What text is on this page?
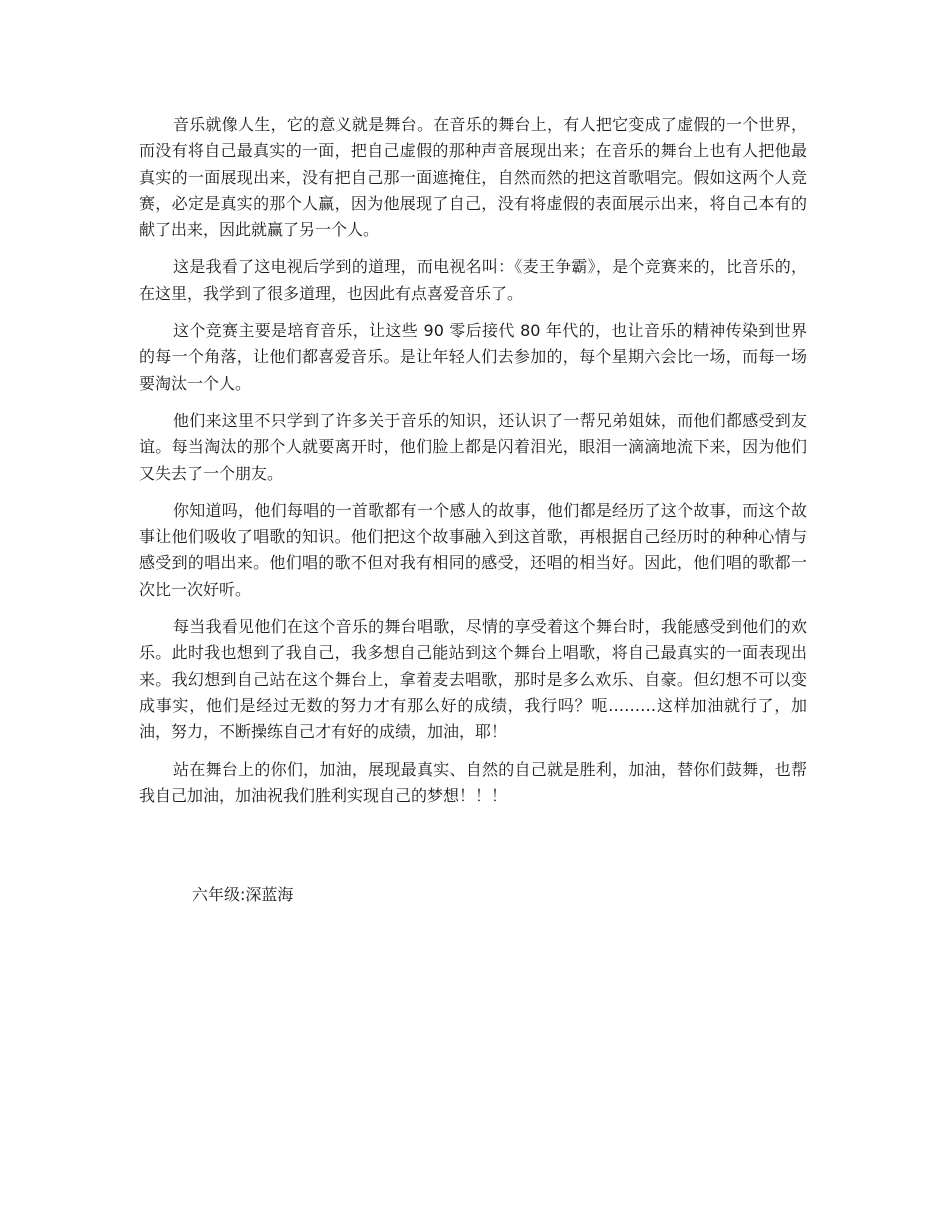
音乐就像人生，它的意义就是舞台。在音乐的舞台上，有人把它变成了虚假的一个世界，而没有将自己最真实的一面，把自己虚假的那种声音展现出来；在音乐的舞台上也有人把他最真实的一面展现出来，没有把自己那一面遮掩住，自然而然的把这首歌唱完。假如这两个人竞赛，必定是真实的那个人赢，因为他展现了自己，没有将虚假的表面展示出来，将自己本有的献了出来，因此就赢了另一个人。

这是我看了这电视后学到的道理，而电视名叫：《麦王争霸》，是个竞赛来的，比音乐的，在这里，我学到了很多道理，也因此有点喜爱音乐了。

这个竞赛主要是培育音乐，让这些 90 零后接代 80 年代的，也让音乐的精神传染到世界的每一个角落，让他们都喜爱音乐。是让年轻人们去参加的，每个星期六会比一场，而每一场要淘汰一个人。

他们来这里不只学到了许多关于音乐的知识，还认识了一帮兄弟姐妹，而他们都感受到友谊。每当淘汰的那个人就要离开时，他们脸上都是闪着泪光，眼泪一滴滴地流下来，因为他们又失去了一个朋友。

你知道吗，他们每唱的一首歌都有一个感人的故事，他们都是经历了这个故事，而这个故事让他们吸收了唱歌的知识。他们把这个故事融入到这首歌，再根据自己经历时的种种心情与感受到的唱出来。他们唱的歌不但对我有相同的感受，还唱的相当好。因此，他们唱的歌都一次比一次好听。

每当我看见他们在这个音乐的舞台唱歌，尽情的享受着这个舞台时，我能感受到他们的欢乐。此时我也想到了我自己，我多想自己能站到这个舞台上唱歌，将自己最真实的一面表现出来。我幻想到自己站在这个舞台上，拿着麦去唱歌，那时是多么欢乐、自豪。但幻想不可以变成事实，他们是经过无数的努力才有那么好的成绩，我行吗？呃………这样加油就行了，加油，努力，不断操练自己才有好的成绩，加油，耶！

站在舞台上的你们，加油，展现最真实、自然的自己就是胜利，加油，替你们鼓舞，也帮我自己加油，加油祝我们胜利实现自己的梦想！！！

六年级:深蓝海
